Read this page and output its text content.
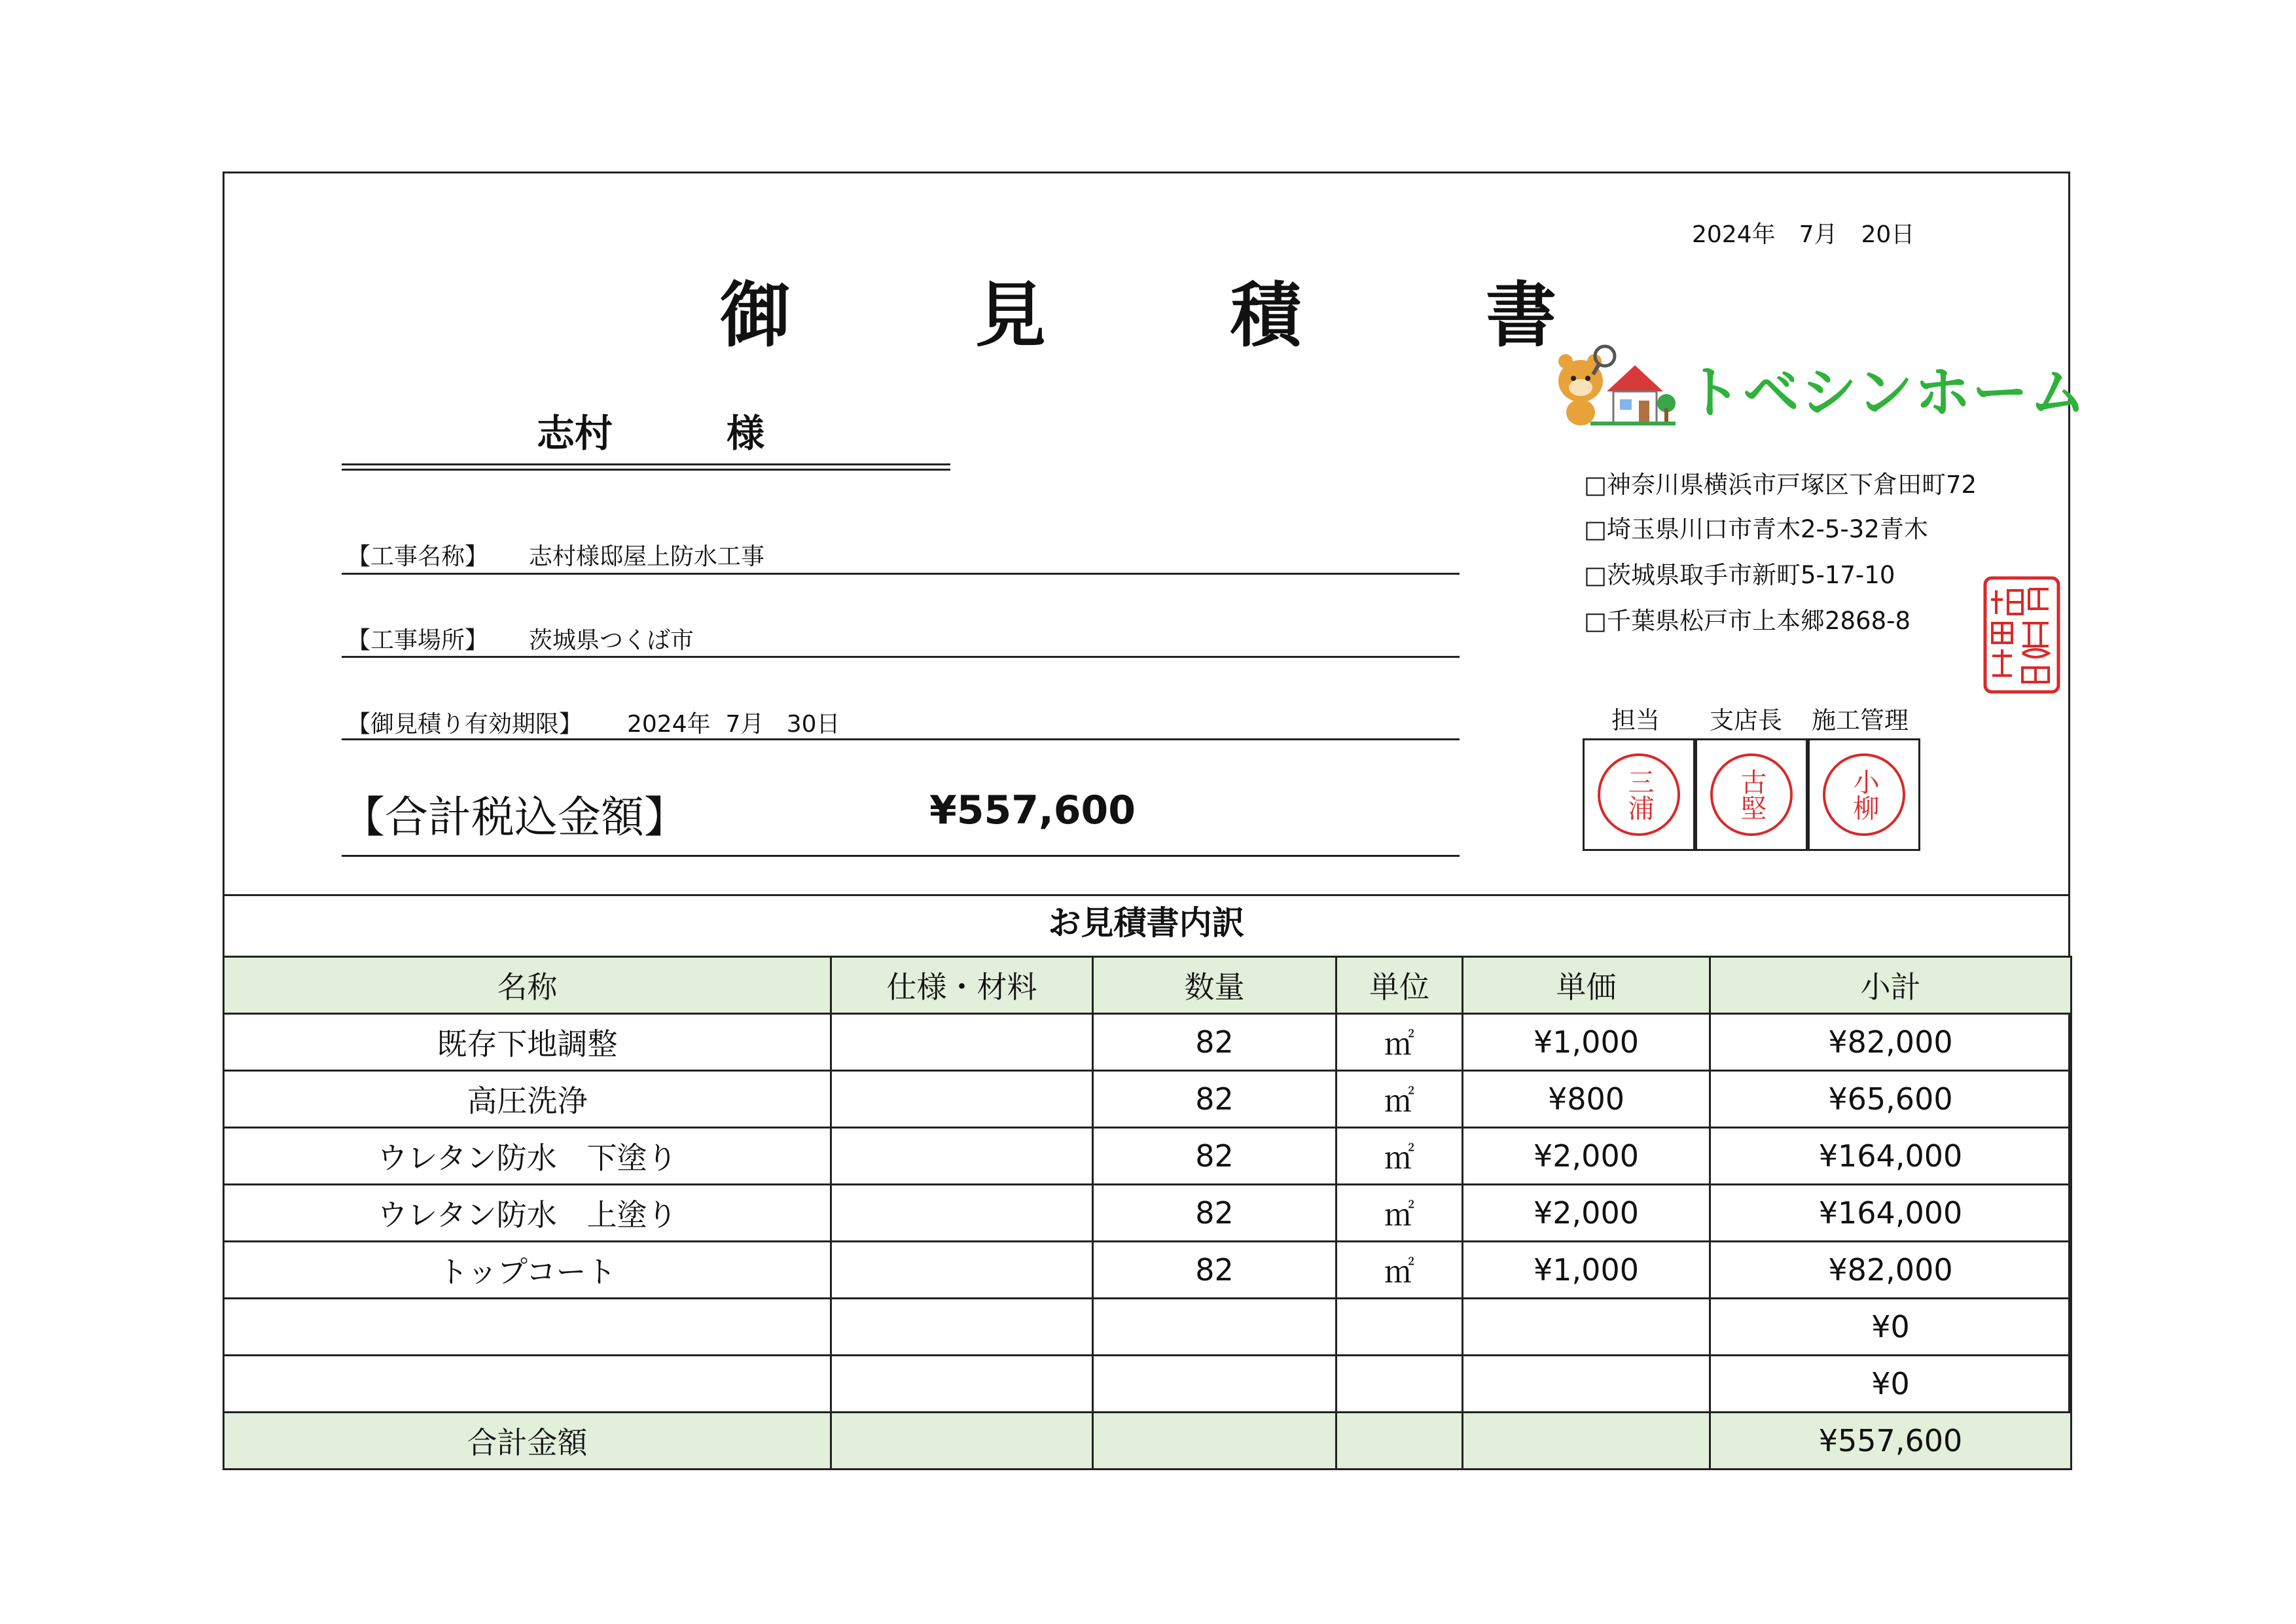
2024年　7月　20日
御	見	積	書
志村　　　様
【工事名称】 志村様邸屋上防水工事
【工事場所】 茨城県つくば市
【御見積り有効期限】 2024年  7月   30日
【合計税込金額】	¥557,600
トベシンホーム
□神奈川県横浜市戸塚区下倉田町72
□埼玉県川口市青木2-5-32青木
□茨城県取手市新町5-17-10
□千葉県松戸市上本郷2868-8
担当 支店長 施工管理
三浦	古堅	小柳
お見積書内訳
名称	仕様・材料	数量	単位	単価	小計
既存下地調整		82	㎡	¥1,000	¥82,000
高圧洗浄		82	㎡	¥800	¥65,600
ウレタン防水　下塗り		82	㎡	¥2,000	¥164,000
ウレタン防水　上塗り		82	㎡	¥2,000	¥164,000
トップコート		82	㎡	¥1,000	¥82,000
					¥0
					¥0
合計金額					¥557,600
